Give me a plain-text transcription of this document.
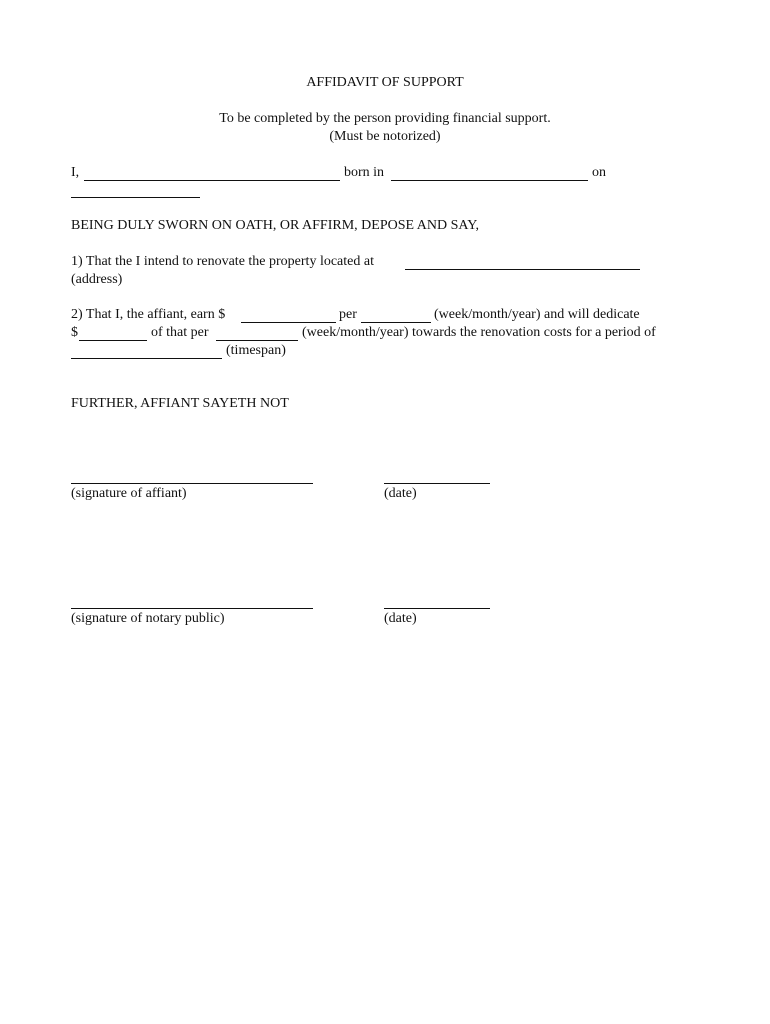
AFFIDAVIT OF SUPPORT
To be completed by the person providing financial support.
(Must be notorized)
I,	born in	on
BEING DULY SWORN ON OATH, OR AFFIRM, DEPOSE AND SAY,
1) That the I intend to renovate the property located at
(address)
2) That I, the affiant, earn $	per	(week/month/year) and will dedicate
$	of that per	(week/month/year) towards the renovation costs for a period of
(timespan)
FURTHER, AFFIANT SAYETH NOT
(signature of affiant)	(date)
(signature of notary public)	(date)
